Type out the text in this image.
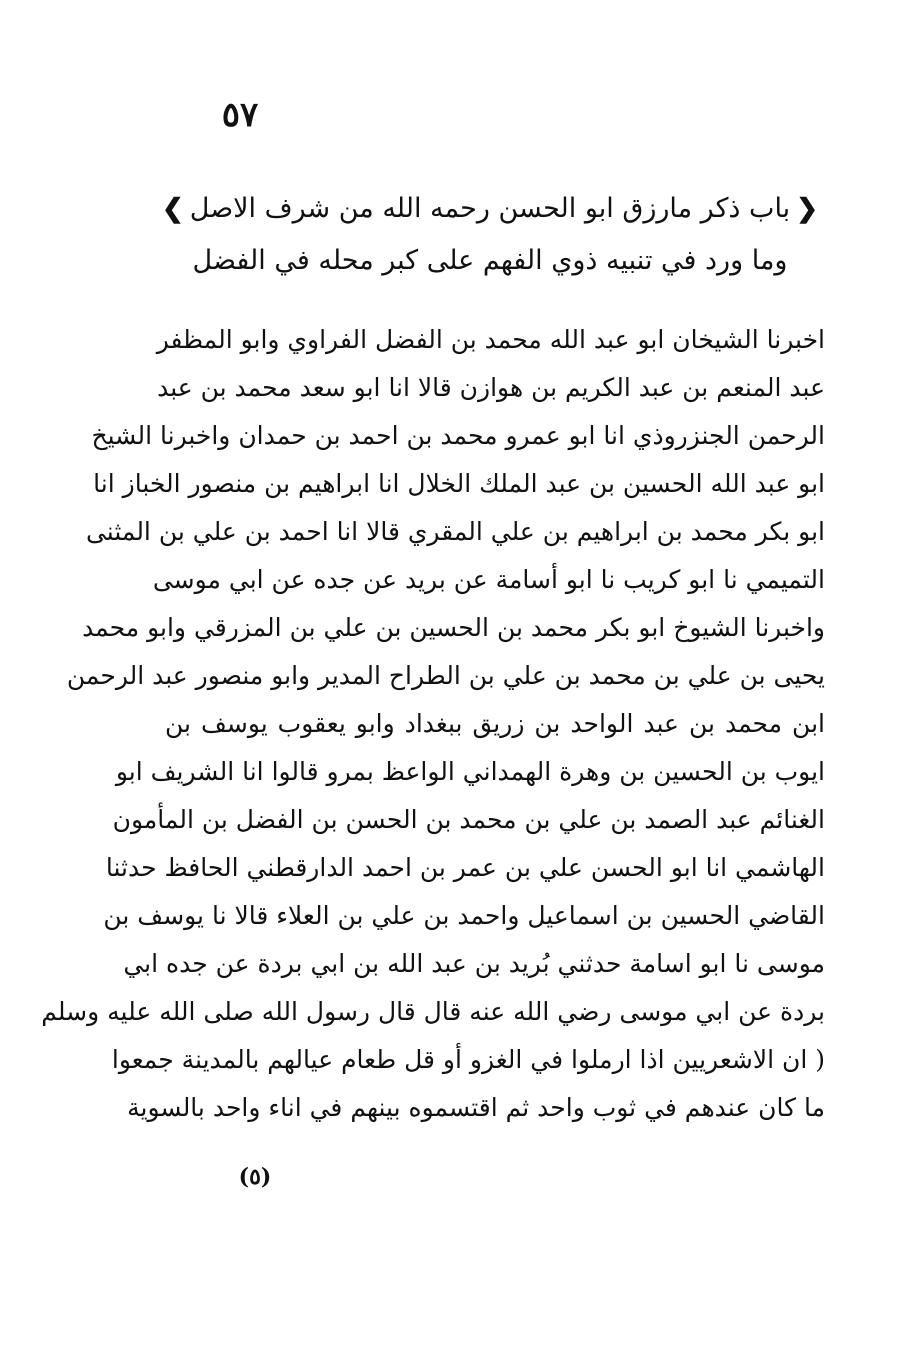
٥٧
❮باب ذكر مارزق ابو الحسن رحمه الله من شرف الاصل❯
وما ورد في تنبيه ذوي الفهم على كبر محله في الفضل
اخبرنا الشيخان ابو عبد الله محمد بن الفضل الفراوي وابو المظفر
عبد المنعم بن عبد الكريم بن هوازن قالا انا ابو سعد محمد بن عبد
الرحمن الجنزروذي انا ابو عمرو محمد بن احمد بن حمدان واخبرنا الشيخ
ابو عبد الله الحسين بن عبد الملك الخلال انا ابراهيم بن منصور الخباز انا
ابو بكر محمد بن ابراهيم بن علي المقري قالا انا احمد بن علي بن المثنى
التميمي نا ابو كريب نا ابو أسامة عن بريد عن جده عن ابي موسى
واخبرنا الشيوخ ابو بكر محمد بن الحسين بن علي بن المزرقي وابو محمد
يحيى بن علي بن محمد بن علي بن الطراح المدير وابو منصور عبد الرحمن
ابن محمد بن عبد الواحد بن زريق ببغداد وابو يعقوب يوسف بن
ايوب بن الحسين بن وهرة الهمداني الواعظ بمرو قالوا انا الشريف ابو
الغنائم عبد الصمد بن علي بن محمد بن الحسن بن الفضل بن المأمون
الهاشمي انا ابو الحسن علي بن عمر بن احمد الدارقطني الحافظ حدثنا
القاضي الحسين بن اسماعيل واحمد بن علي بن العلاء قالا نا يوسف بن
موسى نا ابو اسامة حدثني بُريد بن عبد الله بن ابي بردة عن جده ابي
بردة عن ابي موسى رضي الله عنه قال قال رسول الله صلى الله عليه وسلم
( ان الاشعريين اذا ارملوا في الغزو أو قل طعام عيالهم بالمدينة جمعوا
ما كان عندهم في ثوب واحد ثم اقتسموه بينهم في اناء واحد بالسوية
(٥)
